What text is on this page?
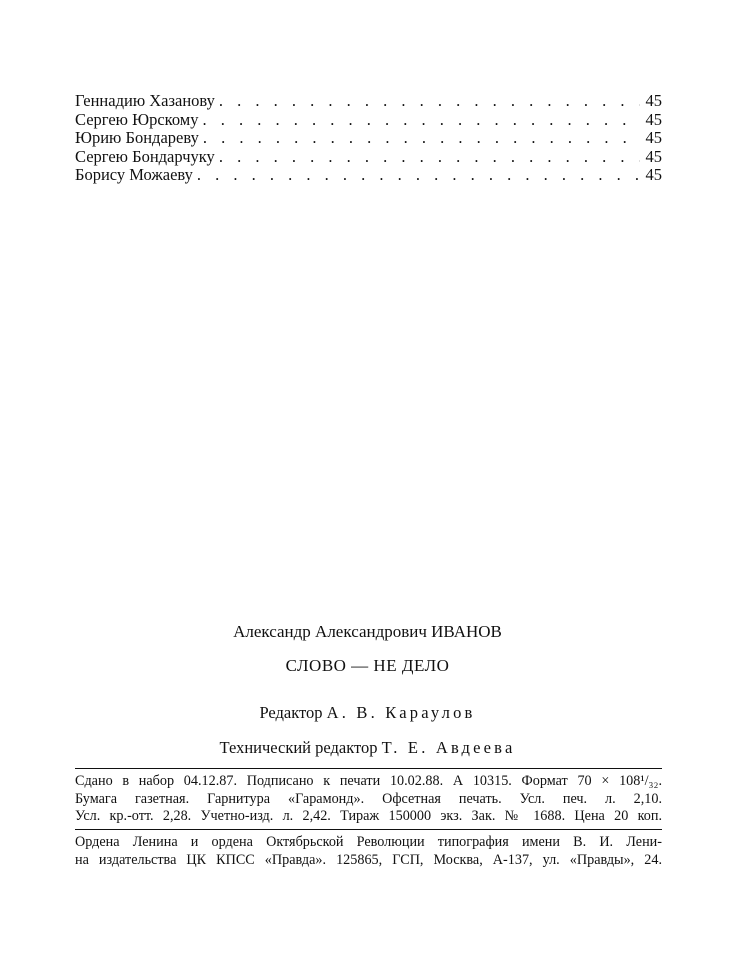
Геннадию Хазанову . . .	45
Сергею Юрскому . . .	45
Юрию Бондареву . . .	45
Сергею Бондарчуку . . .	45
Борису Можаеву . . .	45
Александр Александрович ИВАНОВ
СЛОВО — НЕ ДЕЛО
Редактор А. В. Караулов
Технический редактор Т. Е. Авдеева
Сдано в набор 04.12.87. Подписано к печати 10.02.88. А 10315. Формат 70 × 108¹/₃₂.
Бумага газетная. Гарнитура «Гарамонд». Офсетная печать. Усл. печ. л. 2,10.
Усл. кр.-отт. 2,28. Учетно-изд. л. 2,42. Тираж 150000 экз. Зак. № 1688. Цена 20 коп.
Ордена Ленина и ордена Октябрьской Революции типография имени В. И. Лени-
на издательства ЦК КПСС «Правда». 125865, ГСП, Москва, А-137, ул. «Правды», 24.
